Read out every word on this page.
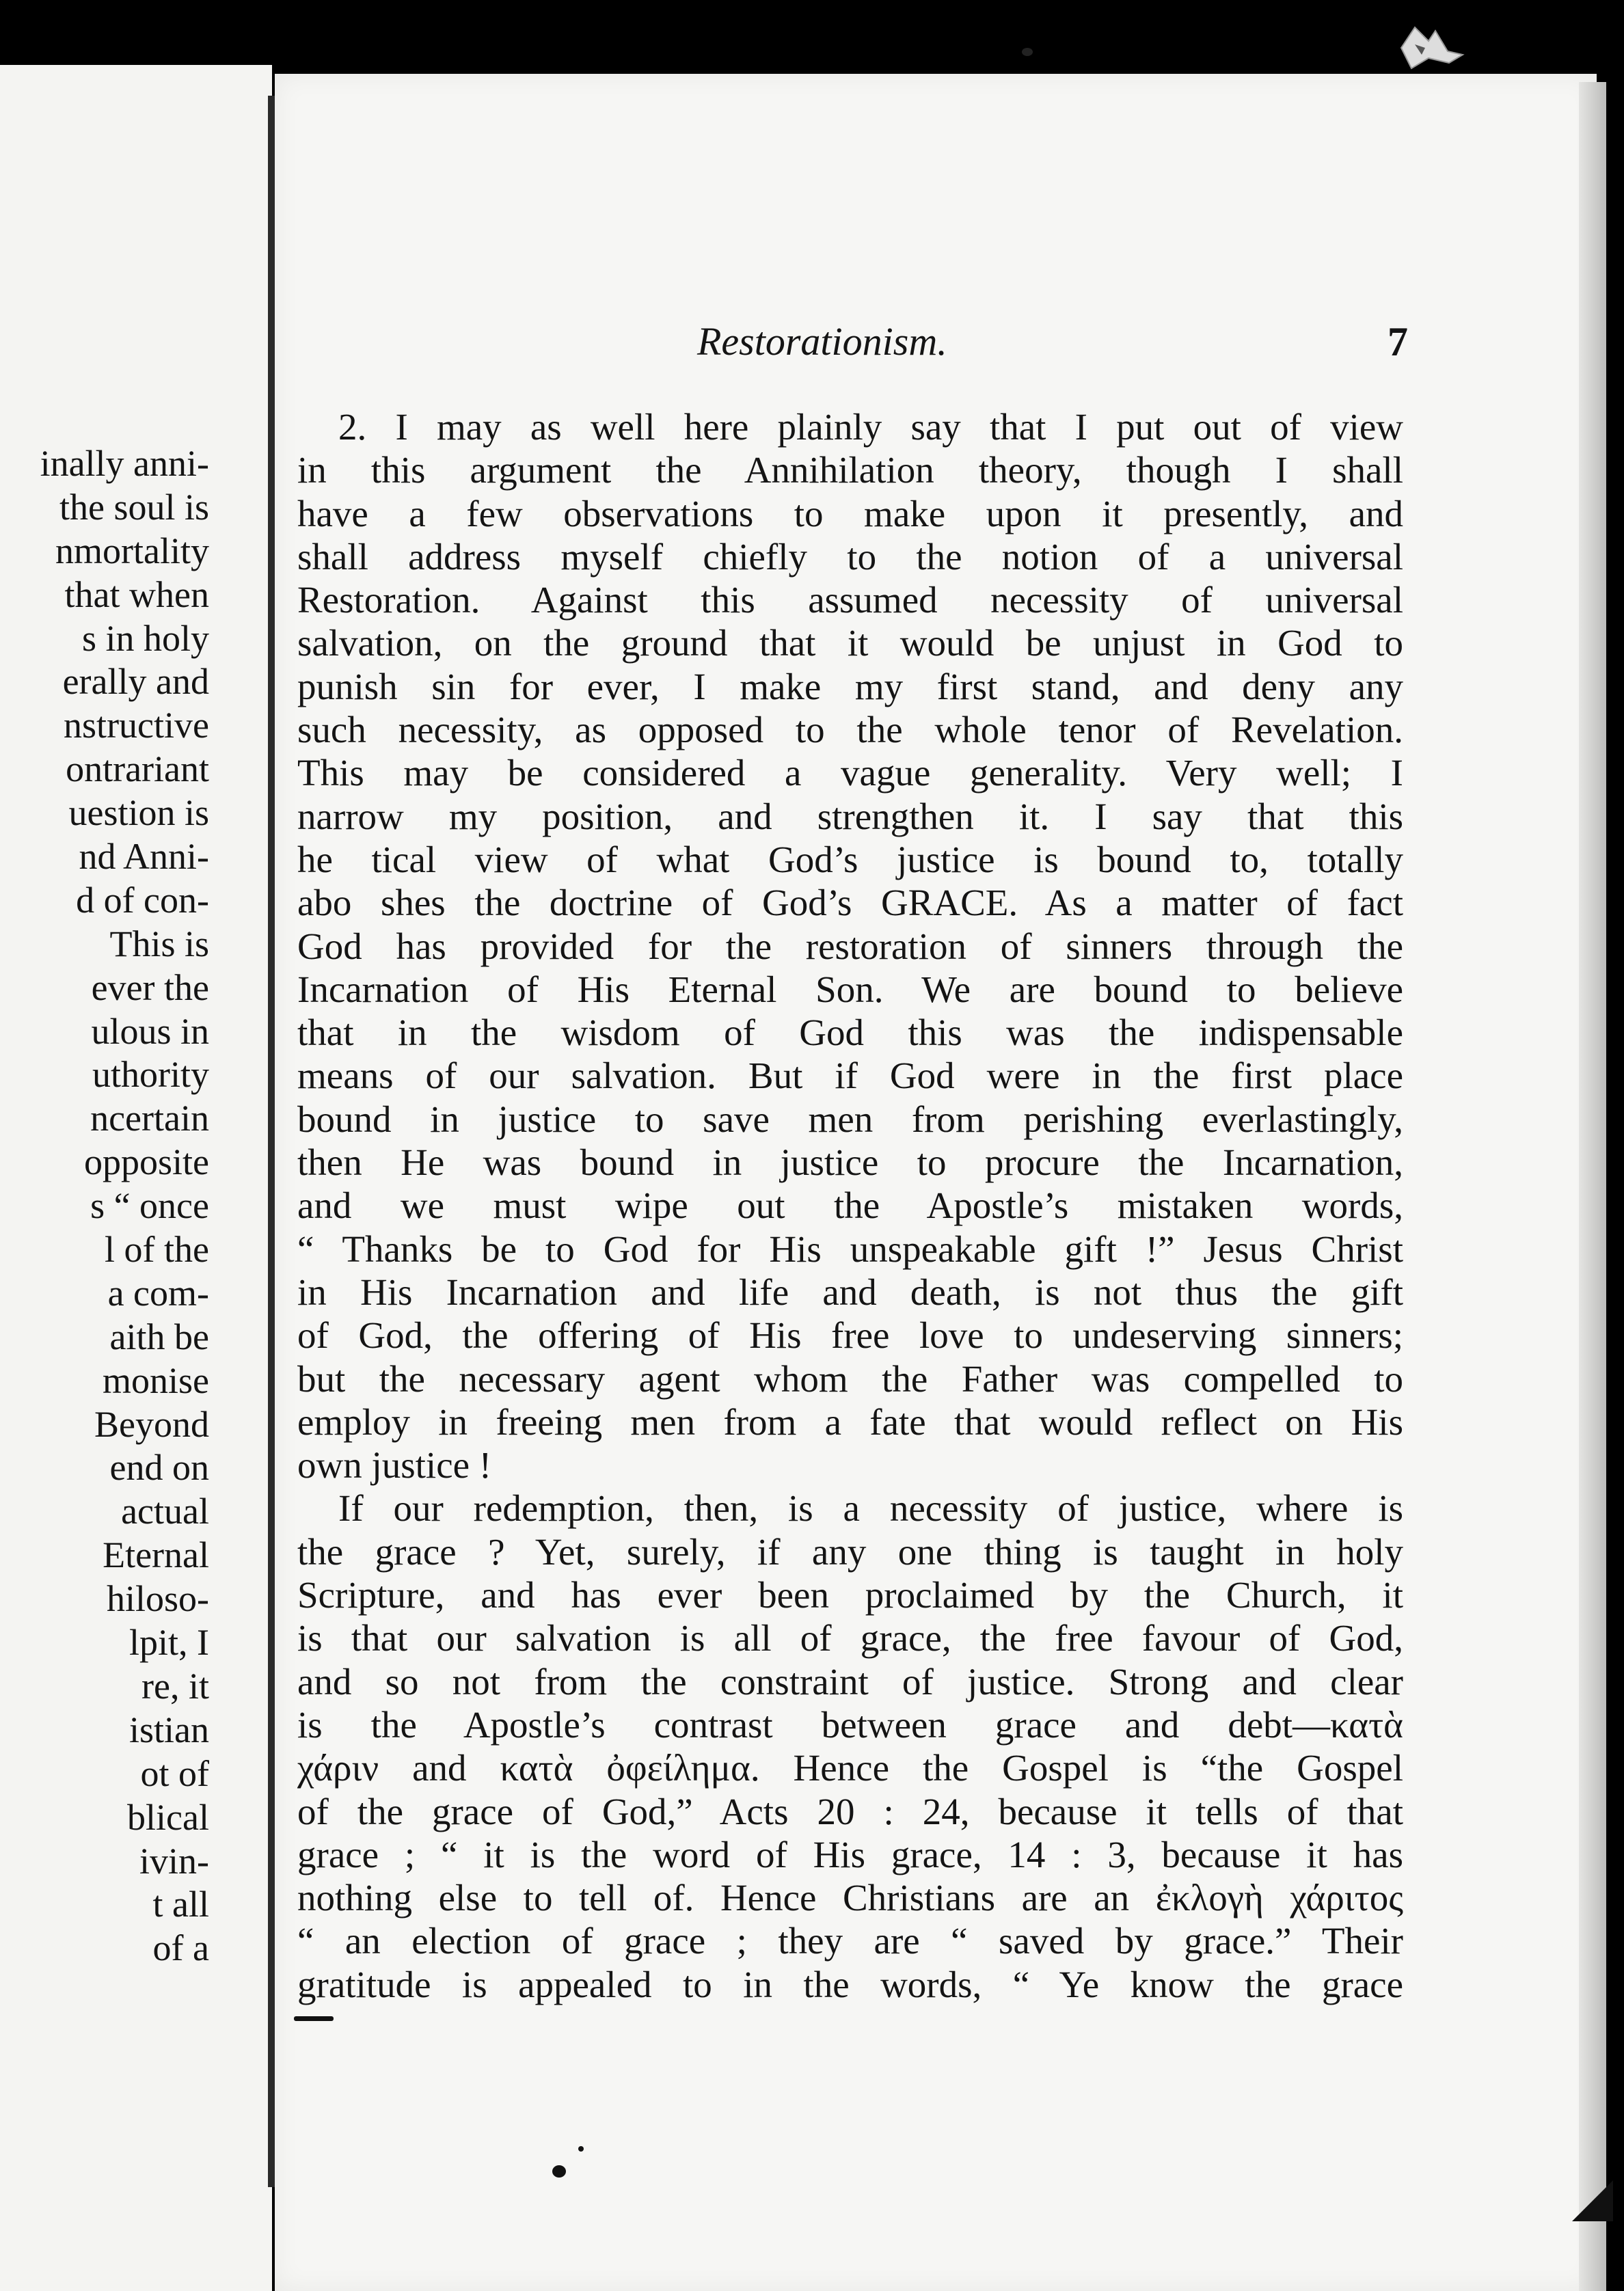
inally anni-
the soul is
nmortality
that when
s in holy
erally and
nstructive
ontrariant
uestion is
nd Anni-
d of con-
This is
ever the
ulous in
uthority
ncertain
opposite
s “ once
l of the
a com-
aith be
monise
Beyond
end on
actual
Eternal
hiloso-
lpit, I
re, it
istian
ot of
blical
ivin-
t all
of a
Restorationism.	7
2. I may as well here plainly say that I put out of view
in this argument the Annihilation theory, though I shall
have a few observations to make upon it presently, and
shall address myself chiefly to the notion of a universal
Restoration. Against this assumed necessity of universal
salvation, on the ground that it would be unjust in God to
punish sin for ever, I make my first stand, and deny any
such necessity, as opposed to the whole tenor of Revelation.
This may be considered a vague generality. Very well; I
narrow my position, and strengthen it. I say that this
he tical view of what God’s justice is bound to, totally
abo shes the doctrine of God’s GRACE. As a matter of fact
God has provided for the restoration of sinners through the
Incarnation of His Eternal Son. We are bound to believe
that in the wisdom of God this was the indispensable
means of our salvation. But if God were in the first place
bound in justice to save men from perishing everlastingly,
then He was bound in justice to procure the Incarnation,
and we must wipe out the Apostle’s mistaken words,
“ Thanks be to God for His unspeakable gift !” Jesus Christ
in His Incarnation and life and death, is not thus the gift
of God, the offering of His free love to undeserving sinners;
but the necessary agent whom the Father was compelled to
employ in freeing men from a fate that would reflect on His
own justice !
If our redemption, then, is a necessity of justice, where is
the grace ? Yet, surely, if any one thing is taught in holy
Scripture, and has ever been proclaimed by the Church, it
is that our salvation is all of grace, the free favour of God,
and so not from the constraint of justice. Strong and clear
is the Apostle’s contrast between grace and debt—κατὰ
χάριν and κατὰ ὀφείλημα. Hence the Gospel is “the Gospel
of the grace of God,” Acts 20 : 24, because it tells of that
grace ; “ it is the word of His grace, 14 : 3, because it has
nothing else to tell of. Hence Christians are an ἐκλογὴ χάριτος
“ an election of grace ; they are “ saved by grace.” Their
gratitude is appealed to in the words, “ Ye know the grace
